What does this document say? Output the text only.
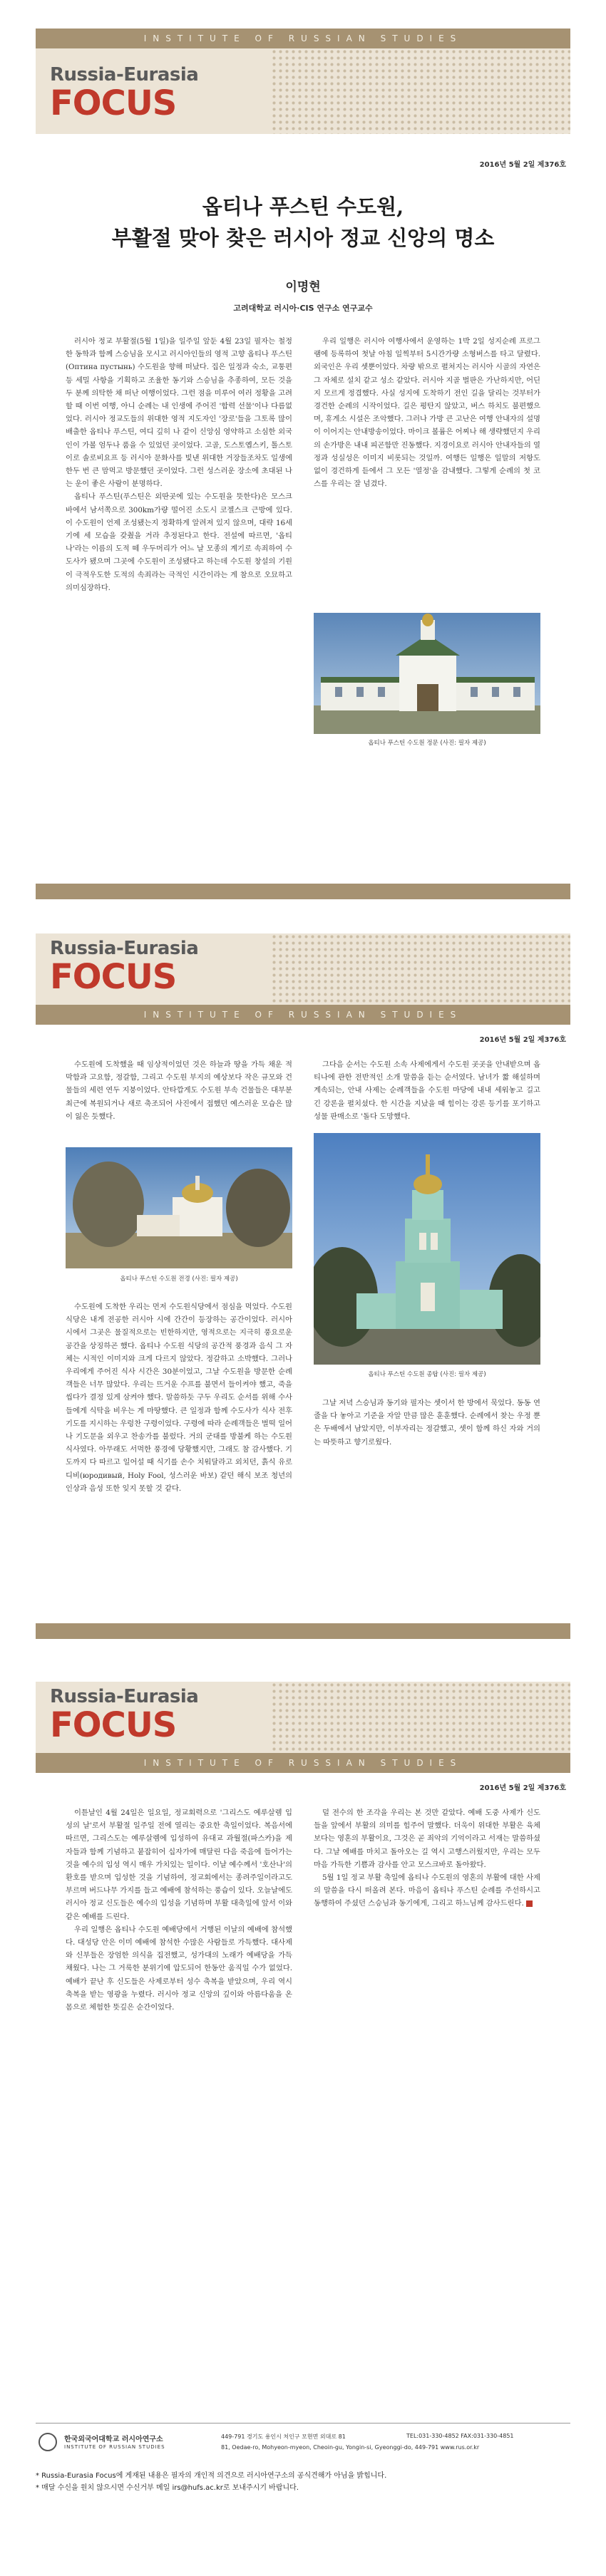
INSTITUTE OF RUSSIAN STUDIES
Russia-Eurasia
FOCUS
2016년 5월 2일 제376호
옵티나 푸스틴 수도원,
부활절 맞아 찾은 러시아 정교 신앙의 명소
이명현
고려대학교 러시아·CIS 연구소 연구교수

러시아 정교 부활절(5월 1일)을 일주일 앞둔 4월 23일 필자는 철정한 동학과 함께 스승님을 모시고 러시아인들의 영적 고향 옵티나 푸스틴(Оптина пустынь) 수도원을 향해 떠났다. 집은 일정과 숙소, 교통편 등 세밀 사항을 기획하고 조율한 동기와 스승님을 추종하여, 모든 것을 두 분께 의탁한 채 떠난 여행이었다. 그런 점을 미루어 여러 정황을 고려할 때 이번 여행, 아니 순례는 내 인생에 주어진 '합력 선물'이나 다름없었다. 러시아 정교도들의 위대한 영적 지도자인 '장로'들을 그토록 많이 배출한 옵티나 푸스틴, 여디 깊히 나 같이 신앙심 영약하고 소심한 외국인이 가볼 엄두나 품을 수 있었던 곳이었다. 고골, 도스토옙스키, 톨스토이로 솔로비요프 등 러시아 문화사를 빛낸 위대한 거장들조차도 일생에 한두 번 큰 맘먹고 방문했던 곳이었다. 그런 성스러운 장소에 초대된 나는 운이 좋은 사람이 분명하다.

옵티나 푸스틴(푸스틴은 외딴곳에 있는 수도원을 뜻한다)은 모스크바에서 남서쪽으로 300km가량 떨어진 소도시 코젤스크 근방에 있다. 이 수도원이 언제 조성됐는지 정확하게 알려져 있지 않으며, 대략 16세기에 세 모습을 갖췄을 거라 추정된다고 한다. 전설에 따르면, '옵티나'라는 이름의 도적 떼 우두머리가 어느 날 모종의 계기로 속죄하여 수도사가 됐으며 그곳에 수도원이 조성됐다고 하는데 수도원 창설의 기원이 극적우도한 도적의 속죄라는 극적인 시간이라는 게 참으로 오묘하고 의미심장하다.

우리 일행은 러시아 여행사에서 운영하는 1박 2일 성지순례 프로그램에 등록하여 첫날 아침 일찍부터 5시간가량 소형버스를 타고 달렸다. 외국인은 우리 셋뿐이었다. 차량 밖으로 펼쳐지는 러시아 시골의 자연은 그 자체로 설치 같고 성소 같았다. 러시아 지골 벌판은 가난하지만, 어딘지 모르게 정겹했다. 사실 성지에 도착하기 전인 길을 달리는 것부터가 경건한 순례의 시작이었다. 길은 평탄지 않았고, 버스 하치도 불편했으며, 휴게소 시설은 조악했다. 그러나 가방 큰 고난은 여행 안내자의 설명이 이어지는 안내방송이었다. 마이크 볼륨은 어찌나 해 생략했던지 우리의 손가방은 내내 피곤함만 진동했다. 지경이요로 러시아 안내자들의 열정과 성실성은 이미지 비롯되는 것일까. 여행든 일행은 일말의 저항도 없이 경건하게 듣에서 그 모든 '열정'을 감내했다. 그렇게 순례의 첫 코스를 우리는 잘 넘겼다.

옵티나 푸스틴 수도원 정문 (사진: 필자 제공)
Russia-Eurasia
FOCUS
INSTITUTE OF RUSSIAN STUDIES
2016년 5월 2일 제376호

수도원에 도착했을 때 임상적이었던 것은 하늘과 땅을 가득 채운 적막함과 고요함, 정갈함, 그리고 수도원 부지의 예상보다 작은 규모와 건물들의 세련 연두 지붕이었다. 안타깝게도 수도원 부속 건물들은 대부분 최근에 복원되거나 새로 축조되어 사진에서 접했던 예스러운 모습은 많이 잃은 듯했다.

옵티나 푸스틴 수도원 전경 (사진: 필자 제공)

수도원에 도착한 우리는 먼저 수도원식당에서 점심을 먹었다. 수도원식당은 내게 전공한 러시아 시에 간간이 등장하는 공간이었다. 러시아 시에서 그곳은 물질적으로는 빈한하지만, 영적으로는 지극히 풍요로운 공간을 상징하곤 했다. 옵티나 수도원 식당의 공간적 풍경과 음식 그 자체는 시적인 이미지와 크게 다르지 않았다. 정갈하고 소박했다. 그러나 우리에게 주어진 식사 시간은 30분이었고, 그날 수도원을 방문한 순례객들은 너무 많았다. 우리는 뜨거운 수프를 불면서 들이켜야 했고, 죽을 씹다가 결정 있게 삼켜야 했다. 말씀하듯 구두 우리도 순서를 위해 수사들에게 식탁을 비우는 게 마땅했다. 큰 일정과 함께 수도사가 식사 전후 기도를 지시하는 우렁찬 구령이었다. 구령에 따라 순례객들은 벌떡 일어나 기도문을 외우고 찬송가를 불렀다. 거의 군대를 방불케 하는 수도원 식사였다. 아무래도 서먹한 풍경에 당황했지만, 그래도 참 감사했다. 기도까지 다 따르고 일어설 때 식기를 손수 치워달라고 외치던, 흙식 유로디비(юродивый, Holy Fool, 성스러운 바보) 같던 해식 보조 청년의 인상과 음성 또한 잊지 못할 것 같다.

그다음 순서는 수도원 소속 사제에게서 수도원 곳곳을 안내받으며 옵티나에 관한 전반적인 소개 말씀을 듣는 순서였다. 남녀가 짧 해설하며 계속되는, 안내 사제는 순례객들을 수도원 마당에 내내 세워놓고 길고 긴 강론을 펼치셨다. 한 시간을 지났을 때 힘이는 강론 등기를 포기하고 성물 판매소로 '돌다 도망했다.

옵티나 푸스틴 수도원 종탑 (사진: 필자 제공)

그날 저녁 스승님과 동기와 필자는 셋이서 한 방에서 묵었다. 동동 연 줄을 다 놓아고 기준을 자알 만큼 많은 훈훈했다. 순례에서 찾는 우정 뿐은 두배에서 남았지만, 이부자리는 정갈했고, 셋이 함께 하신 자와 거의는 따뜻하고 향기로웠다.

Russia-Eurasia
FOCUS
INSTITUTE OF RUSSIAN STUDIES
2016년 5월 2일 제376호

이튿날인 4월 24일은 일요일, 정교회력으로 '그리스도 예루살렘 입성의 날'로서 부활절 일주일 전에 열리는 중요한 축일이었다. 복음서에 따르면, 그리스도는 예루살렘에 입성하여 유대교 과월절(파스카)을 제자들과 함께 기념하고 붙잡히어 십자가에 매달린 다음 죽음에 들어가는 것을 예수의 입성 역시 매우 가치있는 일이다. 이날 예수께서 '호산나'의 환호를 받으며 입성한 것을 기념하여, 정교회에서는 종려주일이라고도 부르며 버드나무 가지를 들고 예배에 참석하는 풍습이 있다. 오늘날에도 러시아 정교 신도들은 예수의 입성을 기념하며 부활 대축일에 앞서 이와 같은 예배를 드린다.

우리 일행은 옵티나 수도원 예배당에서 거행된 이날의 예배에 참석했다. 대성당 안은 이미 예배에 참석한 수많은 사람들로 가득했다. 대사제와 신부들은 장엄한 의식을 집전했고, 성가대의 노래가 예배당을 가득 채웠다. 나는 그 거룩한 분위기에 압도되어 한동안 움직일 수가 없었다. 예배가 끝난 후 신도들은 사제로부터 성수 축복을 받았으며, 우리 역시 축복을 받는 영광을 누렸다. 러시아 정교 신앙의 깊이와 아름다움을 온몸으로 체험한 뜻깊은 순간이었다.

덜 전수의 한 조각을 우리는 본 것만 같았다. 예배 도중 사제가 신도들을 앞에서 부활의 의미를 힘주어 말했다. 더욱이 위대한 부활은 육체보다는 영혼의 부활이요, 그것은 곧 죄악의 기억이라고 서재는 말씀하셨다. 그날 예배를 마치고 돌아오는 길 역시 고행스러웠지만, 우리는 모두 마음 가득한 기쁨과 감사를 안고 모스크바로 돌아왔다.

5월 1일 정교 부활 축일에 옵티나 수도원의 영혼의 부활에 대한 사제의 말씀을 다시 떠올려 본다. 마음이 옵티나 푸스틴 순례를 주선하시고 동행하여 주셨던 스승님과 동기에게, 그리고 하느님께 감사드린다.

한국외국어대학교 러시아연구소
INSTITUTE OF RUSSIAN STUDIES
449-791 경기도 용인시 처인구 모현면 외대로 81	TEL:031-330-4852 FAX:031-330-4851
81, Oedae-ro, Mohyeon-myeon, Cheoin-gu, Yongin-si, Gyeonggi-do, 449-791 www.rus.or.kr
* Russia-Eurasia Focus에 게재된 내용은 필자의 개인적 의견으로 러시아연구소의 공식견해가 아님을 밝힙니다.
* 매달 수신을 원치 않으시면 수신거부 메일 irs@hufs.ac.kr로 보내주시기 바랍니다.
